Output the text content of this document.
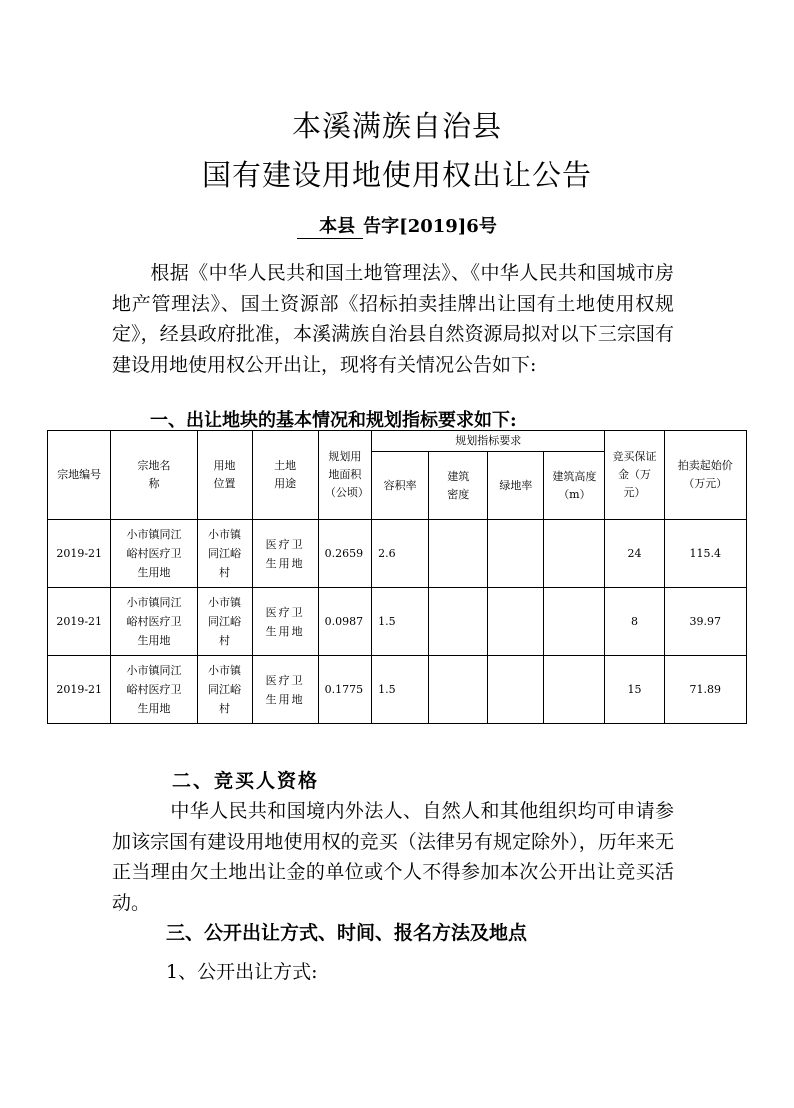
本溪满族自治县
国有建设用地使用权出让公告
本县 告字[2019]6号
根据《中华人民共和国土地管理法》、《中华人民共和国城市房地产管理法》、国土资源部《招标拍卖挂牌出让国有土地使用权规定》，经县政府批准，本溪满族自治县自然资源局拟对以下三宗国有建设用地使用权公开出让，现将有关情况公告如下:
一、出让地块的基本情况和规划指标要求如下:
宗地编号	宗地名称	用地位置	土地用途	规划用地面积（公顷）	规划指标要求				竞买保证金（万元）	拍卖起始价（万元）
					容积率	建筑密度	绿地率	建筑高度（m）		
2019-21	小市镇同江峪村医疗卫生用地	小市镇同江峪村	医疗卫生用地	0.2659	2.6				24	115.4
2019-21	小市镇同江峪村医疗卫生用地	小市镇同江峪村	医疗卫生用地	0.0987	1.5				8	39.97
2019-21	小市镇同江峪村医疗卫生用地	小市镇同江峪村	医疗卫生用地	0.1775	1.5				15	71.89
二、竞买人资格
中华人民共和国境内外法人、自然人和其他组织均可申请参加该宗国有建设用地使用权的竞买（法律另有规定除外），历年来无正当理由欠土地出让金的单位或个人不得参加本次公开出让竞买活动。
三、公开出让方式、时间、报名方法及地点
1、公开出让方式:
